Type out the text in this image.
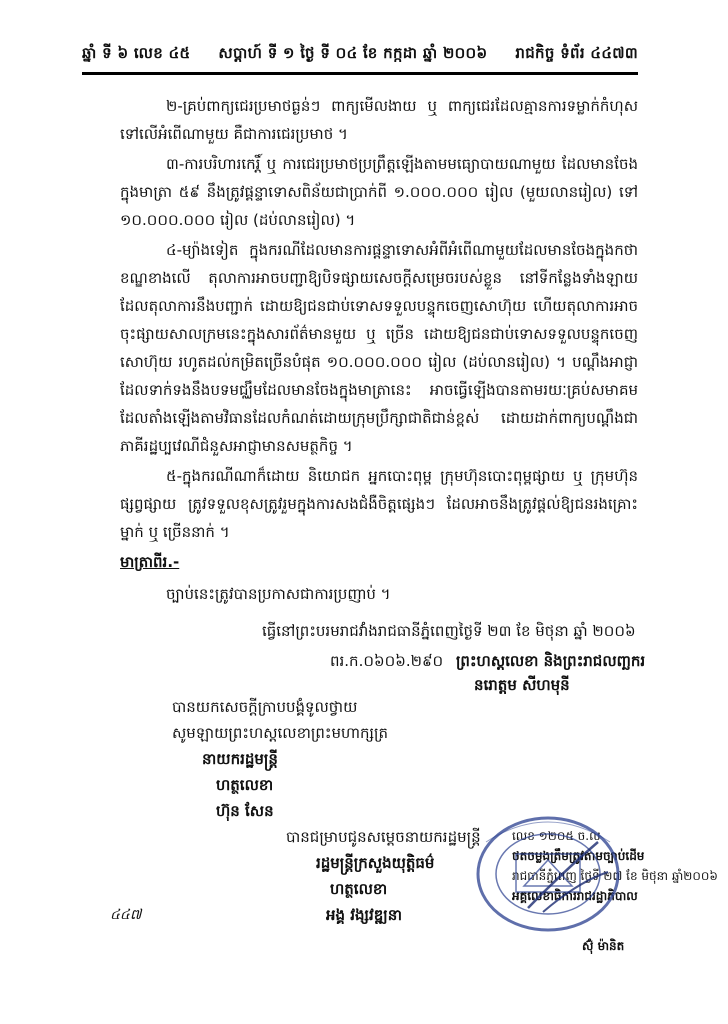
ឆ្នាំ ទី ៦ លេខ ៤៥ សប្តាហ៍ ទី ១ ថ្ងៃ ទី ០៤ ខែ កក្កដា ឆ្នាំ ២០០៦ រាជកិច្ច ទំព័រ ៤៤៧៣

២-គ្រប់ពាក្យជេរប្រមាថធ្ងន់ៗ ពាក្យមើលងាយ ឬ ពាក្យជេរដែលគ្មានការទម្លាក់កំហុសទៅលើអំពើណាមួយ គឺជាការជេរប្រមាថ ។

៣-ការបរិហារកេរ្តិ៍ ឬ ការជេរប្រមាថប្រព្រឹត្តឡើងតាមមធ្យោបាយណាមួយ ដែលមានចែងក្នុងមាត្រា ៥៩ នឹងត្រូវផ្តន្ទាទោសពិន័យជាប្រាក់ពី ១.០០០.០០០ រៀល (មួយលានរៀល) ទៅ ១០.០០០.០០០ រៀល (ដប់លានរៀល) ។

៤-ម្យ៉ាងទៀត ក្នុងករណីដែលមានការផ្តន្ទាទោសអំពីអំពើណាមួយដែលមានចែងក្នុងកថាខណ្ឌខាងលើ តុលាការអាចបញ្ជាឱ្យបិទផ្សាយសេចក្តីសម្រេចរបស់ខ្លួន នៅទីកន្លែងទាំងឡាយដែលតុលាការនឹងបញ្ជាក់ ដោយឱ្យជនជាប់ទោសទទួលបន្ទុកចេញសោហ៊ុយ ហើយតុលាការអាចចុះផ្សាយសាលក្រមនេះក្នុងសារព័ត៌មានមួយ ឬ ច្រើន ដោយឱ្យជនជាប់ទោសទទួលបន្ទុកចេញសោហ៊ុយ រហូតដល់កម្រិតច្រើនបំផុត ១០.០០០.០០០ រៀល (ដប់លានរៀល) ។ បណ្តឹងអាជ្ញាដែលទាក់ទងនឹងបទមជ្ឈឹមដែលមានចែងក្នុងមាត្រានេះ អាចធ្វើឡើងបានតាមរយៈគ្រប់សមាគម ដែលតាំងឡើងតាមវិធានដែលកំណត់ដោយក្រុមប្រឹក្សាជាតិជាន់ខ្ពស់ ដោយដាក់ពាក្យបណ្តឹងជាភាគីរដ្ឋប្បវេណីជំនួសអាជ្ញាមានសមត្ថកិច្ច ។

៥-ក្នុងករណីណាក៏ដោយ និយោជក អ្នកបោះពុម្ព ក្រុមហ៊ុនបោះពុម្ពផ្សាយ ឬ ក្រុមហ៊ុនផ្សព្វផ្សាយ ត្រូវទទួលខុសត្រូវរួមក្នុងការសងជំងឺចិត្តផ្សេងៗ ដែលអាចនឹងត្រូវផ្តល់ឱ្យជនរងគ្រោះម្នាក់ ឬ ច្រើននាក់ ។

មាត្រាពីរ.-

ច្បាប់នេះត្រូវបានប្រកាសជាការប្រញាប់ ។

ធ្វើនៅព្រះបរមរាជវាំងរាជធានីភ្នំពេញថ្ងៃទី ២៣ ខែ មិថុនា ឆ្នាំ ២០០៦
ពរ.ក.០៦០៦.២៩០ ព្រះហស្តលេខា និងព្រះរាជលញ្ឆករ
នរោត្តម សីហមុនី
បានយកសេចក្តីក្រាបបង្គំទូលថ្វាយ
សូមឡាយព្រះហស្តលេខាព្រះមហាក្សត្រ
នាយករដ្ឋមន្ត្រី
ហត្ថលេខា
ហ៊ុន សែន
បានជម្រាបជូនសម្តេចនាយករដ្ឋមន្ត្រី
រដ្ឋមន្ត្រីក្រសួងយុត្តិធម៌
ហត្ថលេខា
អង្គ វង្សវឌ្ឍនា
លេខ ១២០៥ ច.ល
ថតចម្លងត្រឹមត្រូវតាមច្បាប់ដើម
រាជធានីភ្នំពេញ ថ្ងៃទី ២៧ ខែ មិថុនា ឆ្នាំ២០០៦
អគ្គលេខាធិការរាជរដ្ឋាភិបាល
ស៊ុំ ម៉ានិត
៤៤៧
